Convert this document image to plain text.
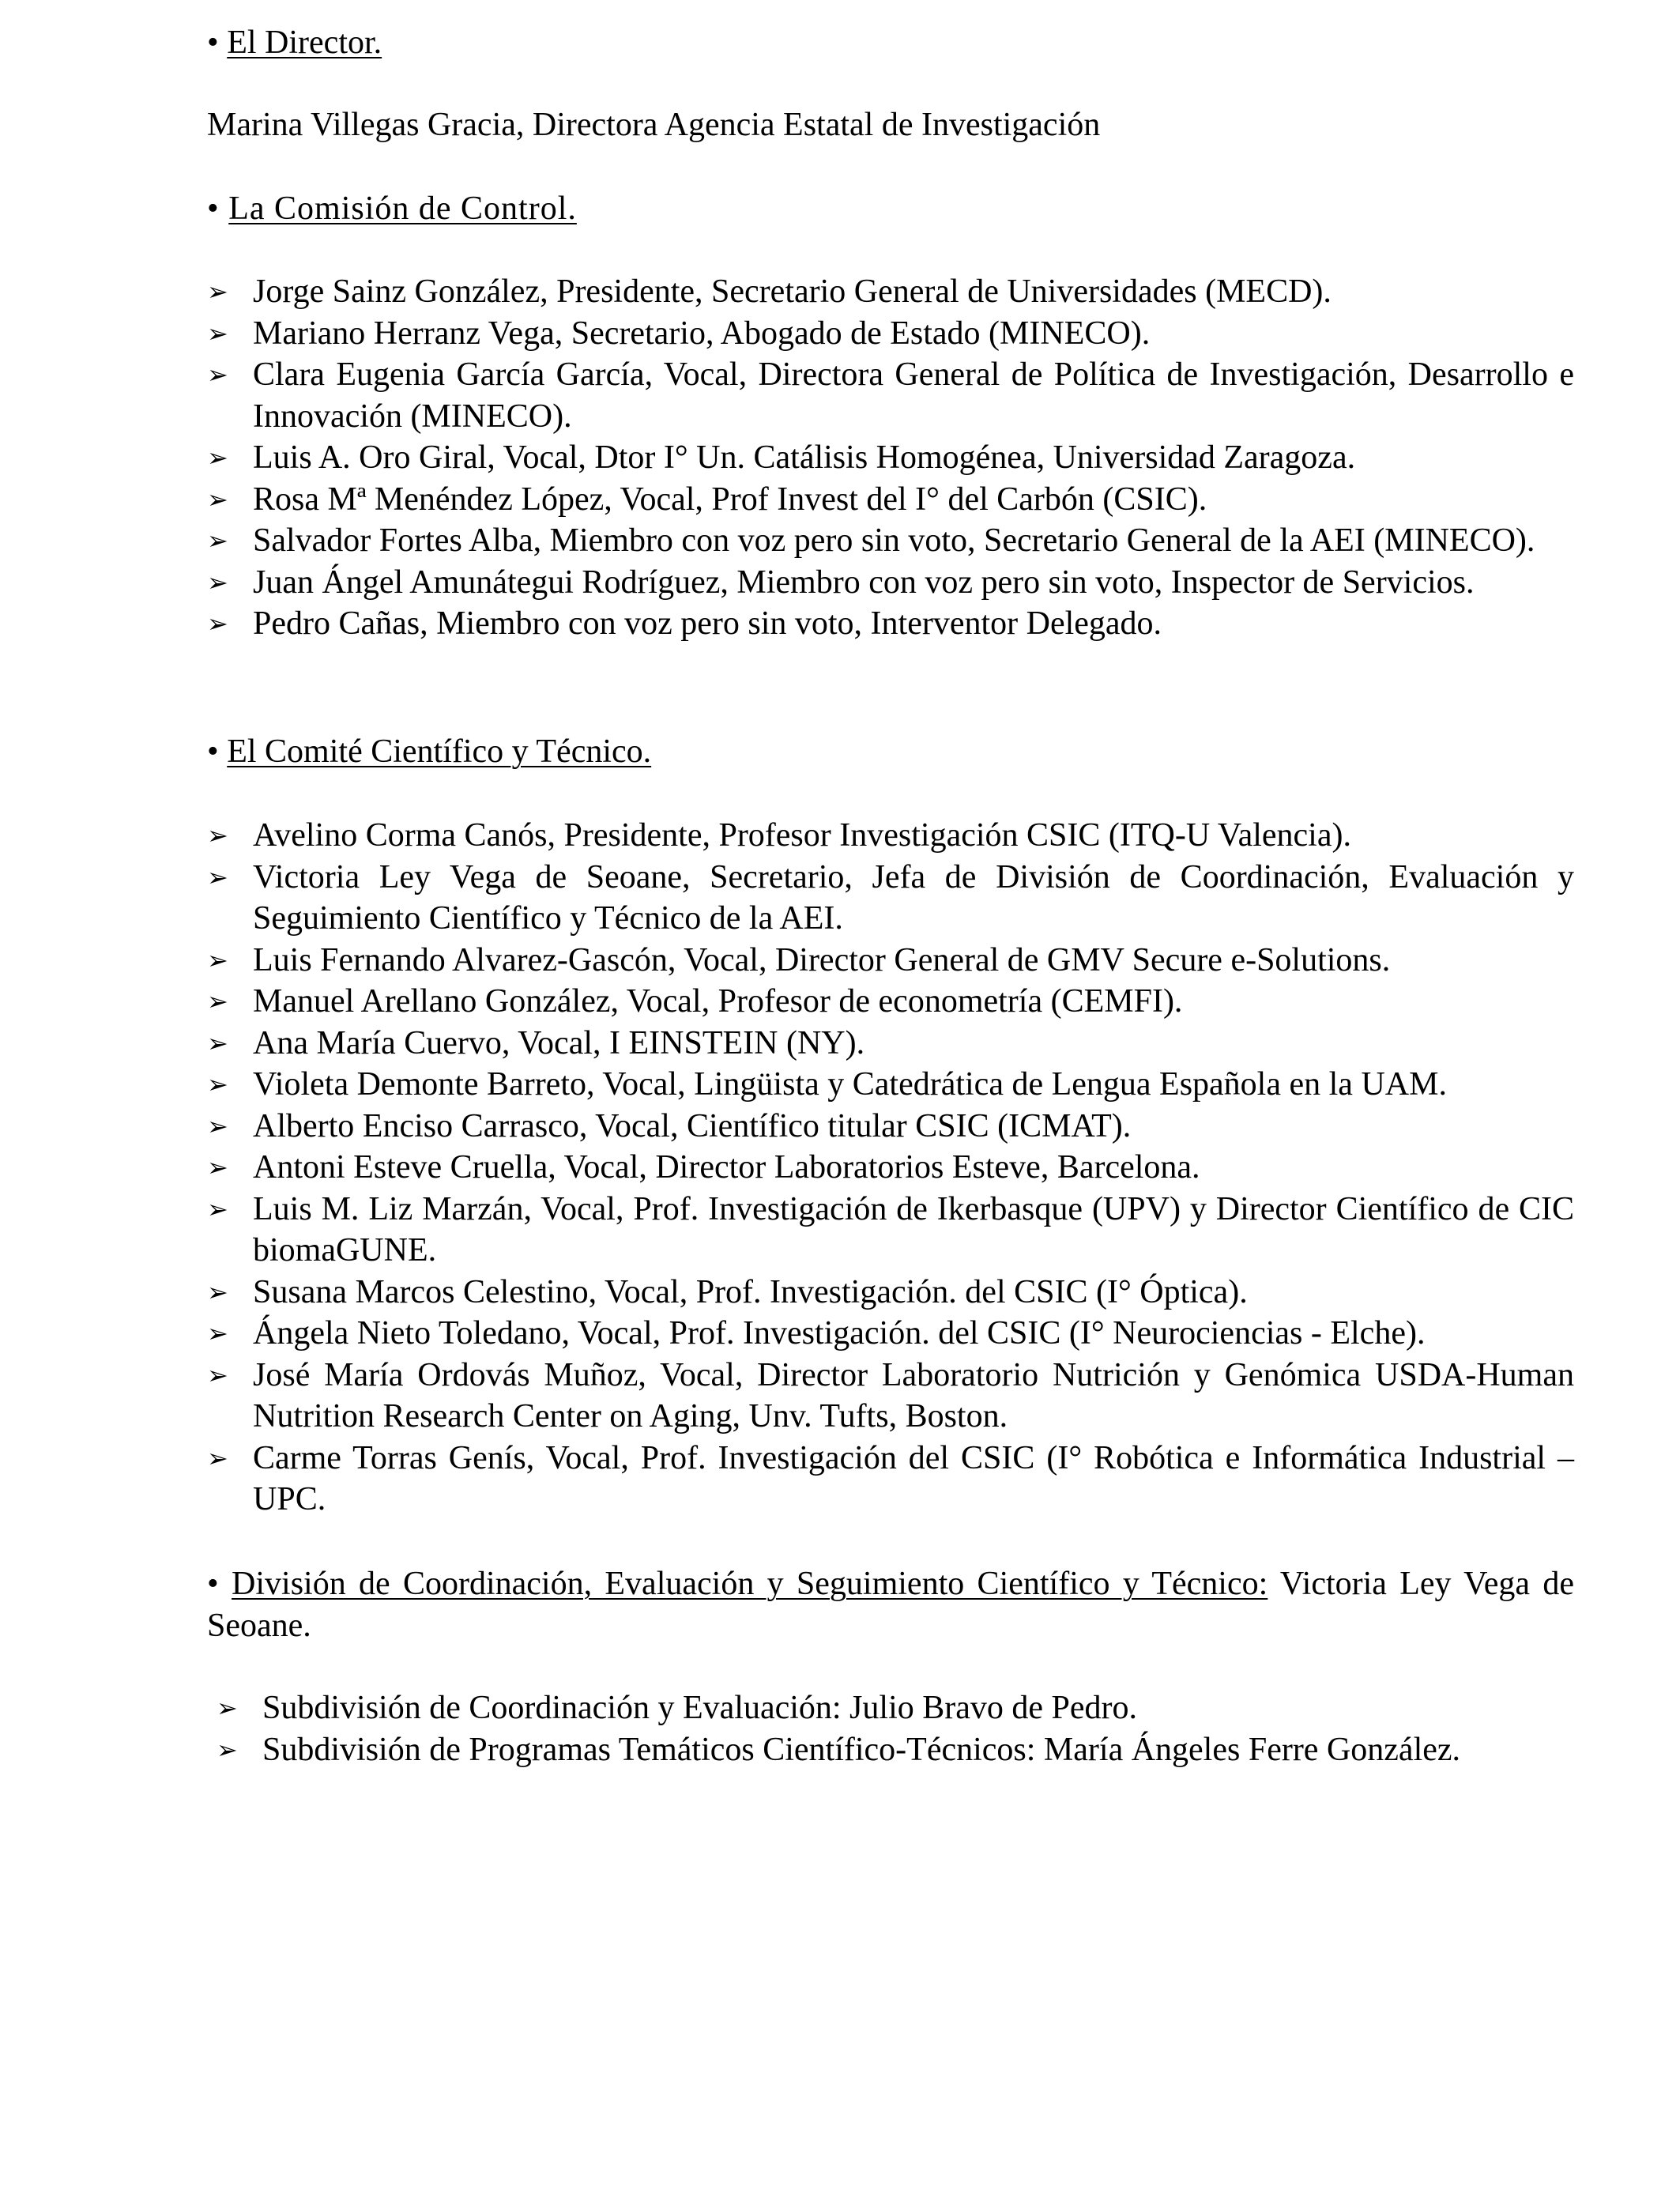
• El Director.
Marina Villegas Gracia, Directora Agencia Estatal de Investigación
• La Comisión de Control.
➢ Jorge Sainz González, Presidente, Secretario General de Universidades (MECD).
➢ Mariano Herranz Vega, Secretario, Abogado de Estado (MINECO).
➢ Clara Eugenia García García, Vocal, Directora General de Política de Investigación, Desarrollo e Innovación (MINECO).
➢ Luis A. Oro Giral, Vocal, Dtor I° Un. Catálisis Homogénea, Universidad Zaragoza.
➢ Rosa Mª Menéndez López, Vocal, Prof Invest del I° del Carbón (CSIC).
➢ Salvador Fortes Alba, Miembro con voz pero sin voto, Secretario General de la AEI (MINECO).
➢ Juan Ángel Amunátegui Rodríguez, Miembro con voz pero sin voto, Inspector de Servicios.
➢ Pedro Cañas, Miembro con voz pero sin voto, Interventor Delegado.
• El Comité Científico y Técnico.
➢ Avelino Corma Canós, Presidente, Profesor Investigación CSIC (ITQ-U Valencia).
➢ Victoria Ley Vega de Seoane, Secretario, Jefa de División de Coordinación, Evaluación y Seguimiento Científico y Técnico de la AEI.
➢ Luis Fernando Alvarez-Gascón, Vocal, Director General de GMV Secure e-Solutions.
➢ Manuel Arellano González, Vocal, Profesor de econometría (CEMFI).
➢ Ana María Cuervo, Vocal, I EINSTEIN (NY).
➢ Violeta Demonte Barreto, Vocal, Lingüista y Catedrática de Lengua Española en la UAM.
➢ Alberto Enciso Carrasco, Vocal, Científico titular CSIC (ICMAT).
➢ Antoni Esteve Cruella, Vocal, Director Laboratorios Esteve, Barcelona.
➢ Luis M. Liz Marzán, Vocal, Prof. Investigación de Ikerbasque (UPV) y Director Científico de CIC biomaGUNE.
➢ Susana Marcos Celestino, Vocal, Prof. Investigación. del CSIC (I° Óptica).
➢ Ángela Nieto Toledano, Vocal, Prof. Investigación. del CSIC (I° Neurociencias - Elche).
➢ José María Ordovás Muñoz, Vocal, Director Laboratorio Nutrición y Genómica USDA-Human Nutrition Research Center on Aging, Unv. Tufts, Boston.
➢ Carme Torras Genís, Vocal, Prof. Investigación del CSIC (I° Robótica e Informática Industrial –UPC.
• División de Coordinación, Evaluación y Seguimiento Científico y Técnico: Victoria Ley Vega de Seoane.
➢ Subdivisión de Coordinación y Evaluación: Julio Bravo de Pedro.
➢ Subdivisión de Programas Temáticos Científico-Técnicos: María Ángeles Ferre González.
